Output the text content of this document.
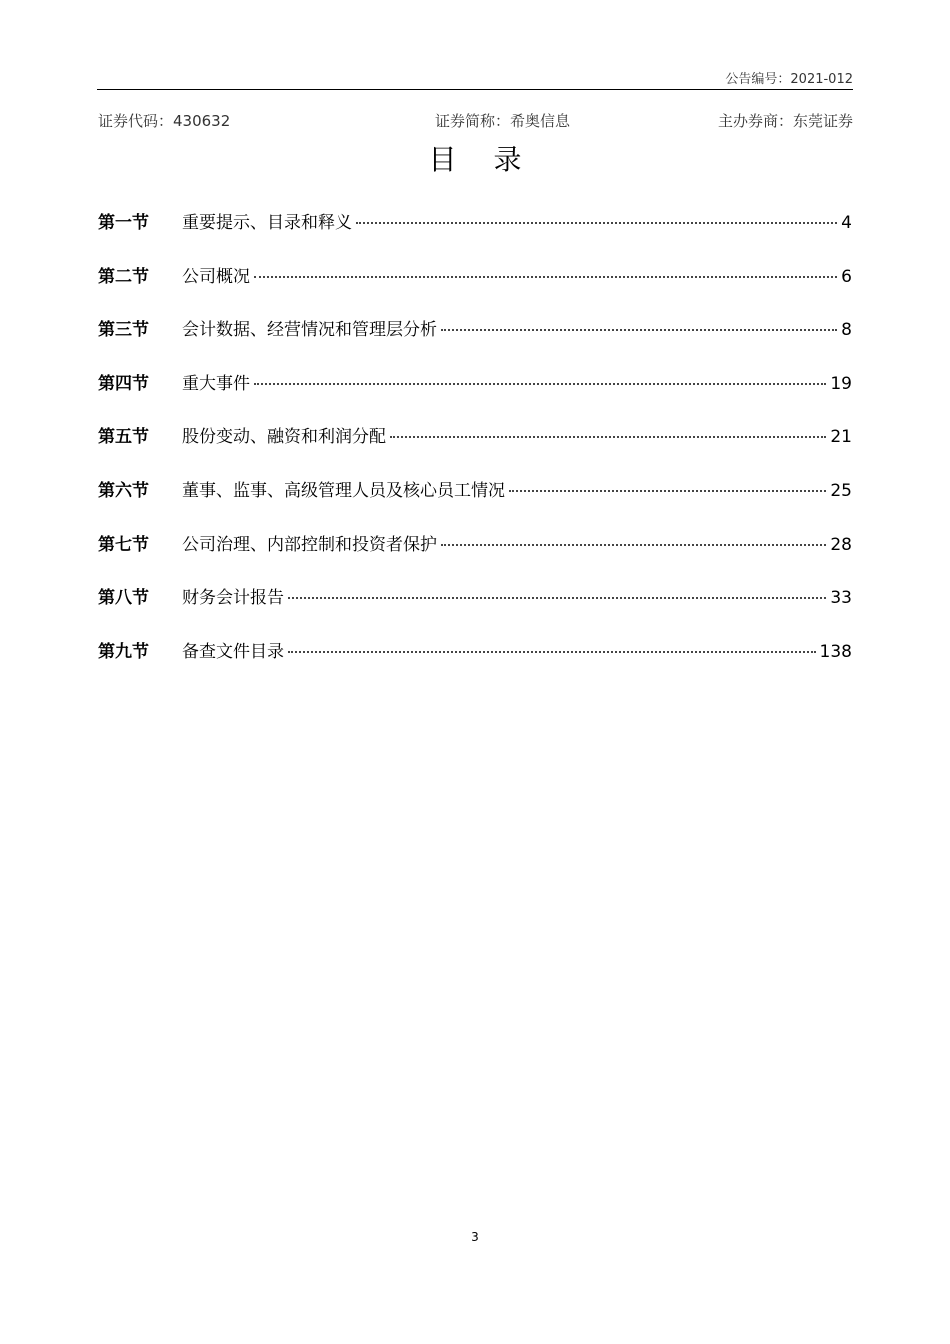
公告编号：2021-012
证券代码：430632	证券简称：希奥信息	主办券商：东莞证券
目 录
第一节	重要提示、目录和释义	4
第二节	公司概况	6
第三节	会计数据、经营情况和管理层分析	8
第四节	重大事件	19
第五节	股份变动、融资和利润分配	21
第六节	董事、监事、高级管理人员及核心员工情况	25
第七节	公司治理、内部控制和投资者保护	28
第八节	财务会计报告	33
第九节	备查文件目录	138
3
